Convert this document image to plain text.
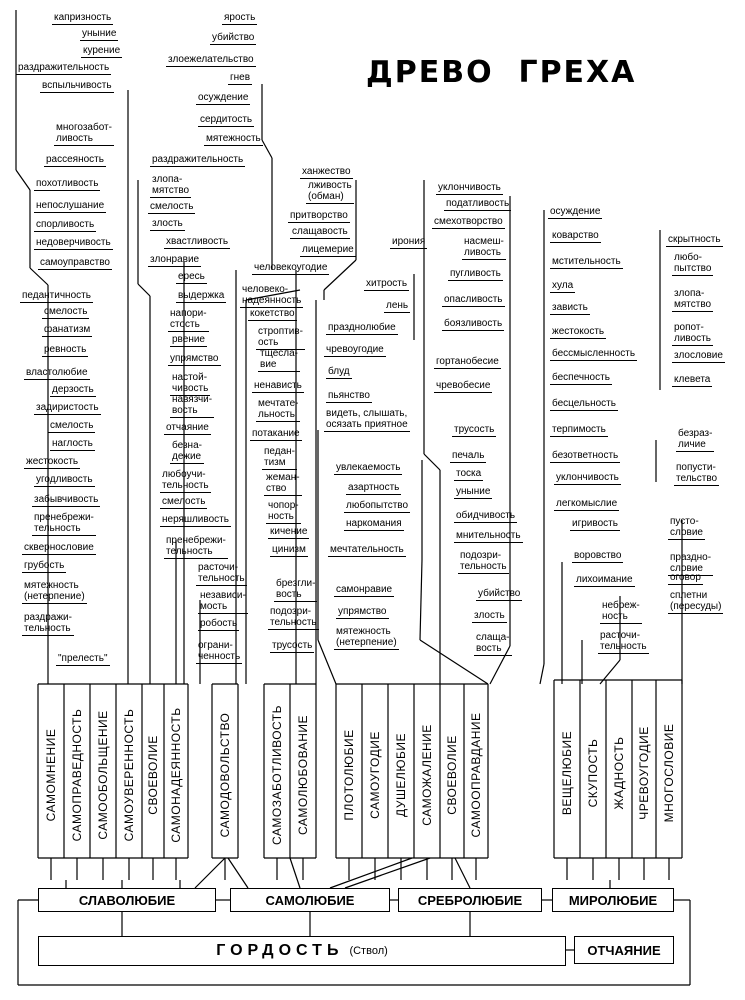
ДРЕВО  ГРЕХА
ГОРДОСТЬ (Ствол)	ОТЧАЯНИЕ
СЛАВОЛЮБИЕ	САМОЛЮБИЕ	СРЕБРОЛЮБИЕ	МИРОЛЮБИЕ
САМОМНЕНИЕ САМОПРАВЕДНОСТЬ САМООБОЛЬЩЕНИЕ САМОУВЕРЕННОСТЬ СВОЕВОЛИЕ САМОНАДЕЯННОСТЬ	САМОДОВОЛЬСТВО	САМОЗАБОТЛИВОСТЬ САМОЛЮБОВАНИЕ	ПЛОТОЛЮБИЕ САМОУГОДИЕ ДУШЕЛЮБИЕ САМОЖАЛЕНИЕ СВОЕВОЛИЕ САМООПРАВДАНИЕ	ВЕЩЕЛЮБИЕ СКУПОСТЬ ЖАДНОСТЬ ЧРЕВОУГОДИЕ МНОГОСЛОВИЕ
капризность
уныние
курение
раздражительность
вспыльчивость
многозабот-
ливость
рассеяность
похотливость
непослушание
спорливость
недоверчивость
самоуправство
ярость
убийство
злоежелательство
гнев
осуждение
сердитость
мятежность
раздражительность
злопа-
мятство
смелость
злость
хвастливость
злонравие
ересь
выдержка
педантичность
смелость
фанатизм
ревность
властолюбие
дерзость
задиристость
смелость
наглость
жестокость
угодливость
забывчивость
пренебрежи-
тельность
сквернословие
грубость
мятежность
(нетерпение)
раздражи-
тельность
"прелесть"
напори-
стость
рвение
упрямство
настой-
чивость
навязчи-
вость
отчаяние
безна-
дежие
любоучи-
тельность
смелость
неряшливость
пренебрежи-
тельность
расточи-
тельность
независи-
мость
робость
ограни-
ченность
ханжество
лживость
(обман)
притворство
слащавость
лицемерие
человекоугодие
человеко-
надеянность
кокетство
строптив-
ость
тщесла-
вие
ненависть
мечтате-
льность
потакание
педан-
тизм
жеман-
ство
чопор-
ность
кичение
цинизм
брезгли-
вость
подозри-
тельность
трусость
хитрость
лень
празднолюбие
чревоугодие
блуд
пьянство
видеть, слышать,
осязать приятное
увлекаемость
азартность
любопытство
наркомания
мечтательность
самонравие
упрямство
мятежность
(нетерпение)
уклончивость
податливость
смехотворство
ирония	насмеш-
ливость
пугливость
опасливость
боязливость
гортанобесие
чревобесие
трусость
печаль
тоска
уныние
обидчивость
мнительность
подозри-
тельность
убийство
злость
слаща-
вость
осуждение
коварство
мстительность
хула
зависть
жестокость
бессмысленность
беспечность
бесцельность
терпимость
безответность
уклончивость
легкомыслие
игривость
скрытность
любо-
пытство
злопа-
мятство
ропот-
ливость
злословие
клевета
безраз-
личие
попусти-
тельство
воровство
лихоимание
небреж-
ность
расточи-
тельность
пусто-
словие
праздно-
словие
оговор
сплетни
(пересуды)
